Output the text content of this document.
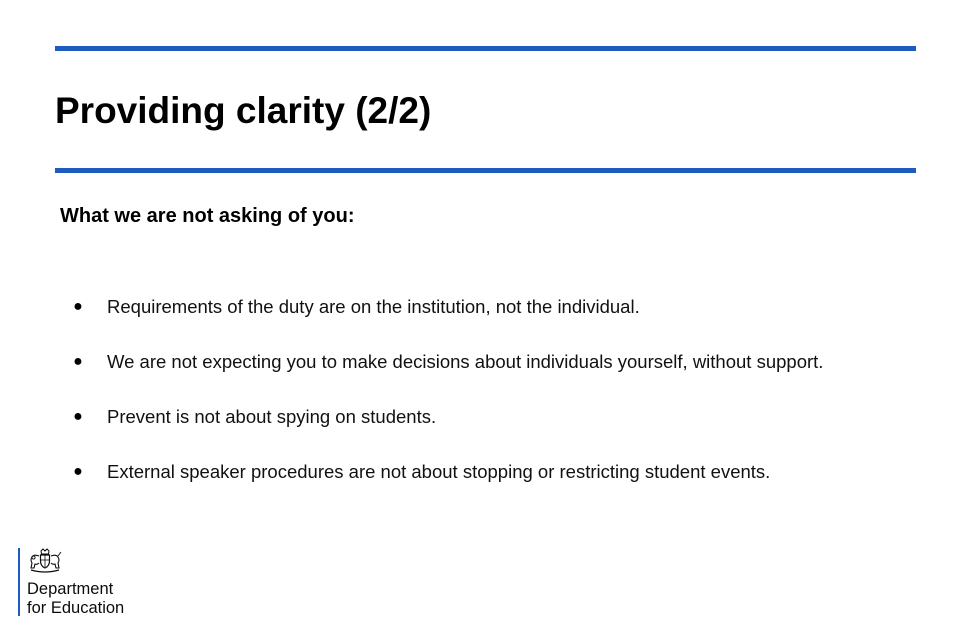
Providing clarity (2/2)
What we are not asking of you:
● Requirements of the duty are on the institution, not the individual.
● We are not expecting you to make decisions about individuals yourself, without support.
● Prevent is not about spying on students.
● External speaker procedures are not about stopping or restricting student events.
Department
for Education
